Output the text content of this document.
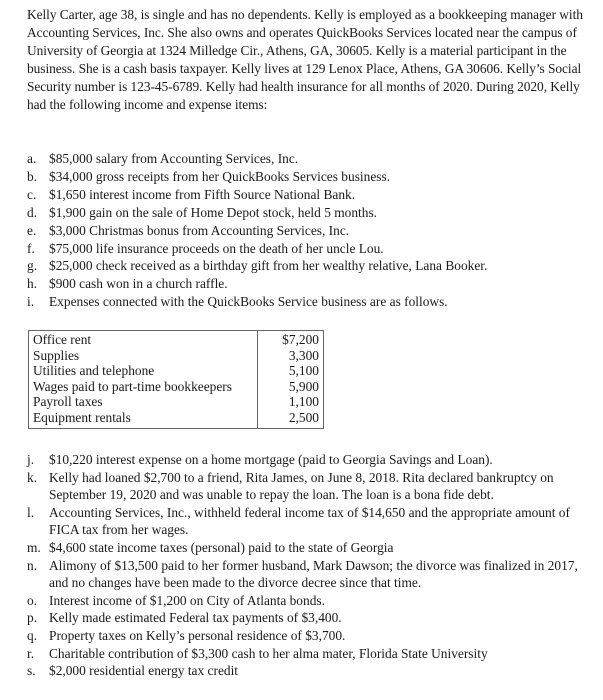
Kelly Carter, age 38, is single and has no dependents. Kelly is employed as a bookkeeping manager with Accounting Services, Inc. She also owns and operates QuickBooks Services located near the campus of University of Georgia at 1324 Milledge Cir., Athens, GA, 30605. Kelly is a material participant in the business. She is a cash basis taxpayer. Kelly lives at 129 Lenox Place, Athens, GA 30606. Kelly’s Social Security number is 123-45-6789. Kelly had health insurance for all months of 2020. During 2020, Kelly had the following income and expense items:
a. $85,000 salary from Accounting Services, Inc.
b. $34,000 gross receipts from her QuickBooks Services business.
c. $1,650 interest income from Fifth Source National Bank.
d. $1,900 gain on the sale of Home Depot stock, held 5 months.
e. $3,000 Christmas bonus from Accounting Services, Inc.
f. $75,000 life insurance proceeds on the death of her uncle Lou.
g. $25,000 check received as a birthday gift from her wealthy relative, Lana Booker.
h. $900 cash won in a church raffle.
i. Expenses connected with the QuickBooks Service business are as follows.
Office rent	$7,200
Supplies	3,300
Utilities and telephone	5,100
Wages paid to part-time bookkeepers	5,900
Payroll taxes	1,100
Equipment rentals	2,500
j. $10,220 interest expense on a home mortgage (paid to Georgia Savings and Loan).
k. Kelly had loaned $2,700 to a friend, Rita James, on June 8, 2018. Rita declared bankruptcy on September 19, 2020 and was unable to repay the loan. The loan is a bona fide debt.
l. Accounting Services, Inc., withheld federal income tax of $14,650 and the appropriate amount of FICA tax from her wages.
m. $4,600 state income taxes (personal) paid to the state of Georgia
n. Alimony of $13,500 paid to her former husband, Mark Dawson; the divorce was finalized in 2017, and no changes have been made to the divorce decree since that time.
o. Interest income of $1,200 on City of Atlanta bonds.
p. Kelly made estimated Federal tax payments of $3,400.
q. Property taxes on Kelly’s personal residence of $3,700.
r. Charitable contribution of $3,300 cash to her alma mater, Florida State University
s. $2,000 residential energy tax credit
